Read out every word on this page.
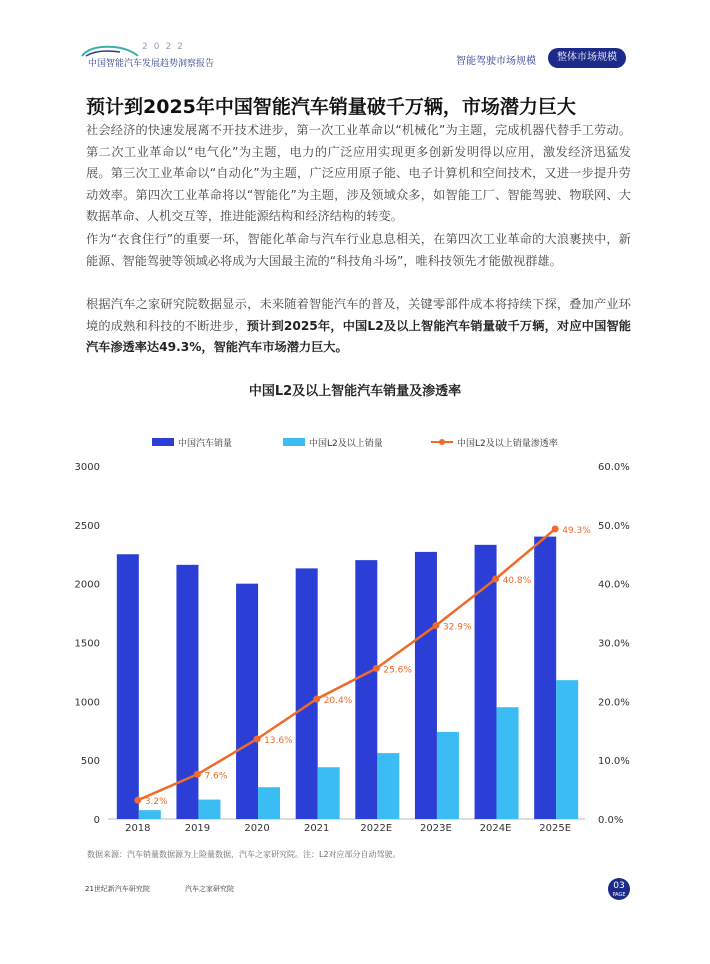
2022
中国智能汽车发展趋势洞察报告	智能驾驶市场规模	整体市场规模
预计到2025年中国智能汽车销量破千万辆，市场潜力巨大

社会经济的快速发展离不开技术进步，第一次工业革命以“机械化”为主题，完成机器代替手工劳动。第二次工业革命以“电气化”为主题，电力的广泛应用实现更多创新发明得以应用，激发经济迅猛发展。第三次工业革命以“自动化”为主题，广泛应用原子能、电子计算机和空间技术，又进一步提升劳动效率。第四次工业革命将以“智能化”为主题，涉及领域众多，如智能工厂、智能驾驶、物联网、大数据革命、人机交互等，推进能源结构和经济结构的转变。

作为“衣食住行”的重要一环，智能化革命与汽车行业息息相关，在第四次工业革命的大浪裹挟中，新能源、智能驾驶等领域必将成为大国最主流的“科技角斗场”，唯科技领先才能傲视群雄。

根据汽车之家研究院数据显示，未来随着智能汽车的普及，关键零部件成本将持续下探，叠加产业环境的成熟和科技的不断进步，预计到2025年，中国L2及以上智能汽车销量破千万辆，对应中国智能汽车渗透率达49.3%，智能汽车市场潜力巨大。

中国L2及以上智能汽车销量及渗透率
中国汽车销量	中国L2及以上销量	中国L2及以上销量渗透率
0
500
1000
1500
2000
2500
3000
0.0%
10.0%
20.0%
30.0%
40.0%
50.0%
60.0%
2018	2019	2020	2021	2022E	2023E	2024E	2025E
3.2%
7.6%
13.6%
20.4%
25.6%
32.9%
40.8%
49.3%
数据来源：汽车销量数据源为上险量数据，汽车之家研究院。注：L2对应部分自动驾驶。
21世纪新汽车研究院	汽车之家研究院	03
PAGE
